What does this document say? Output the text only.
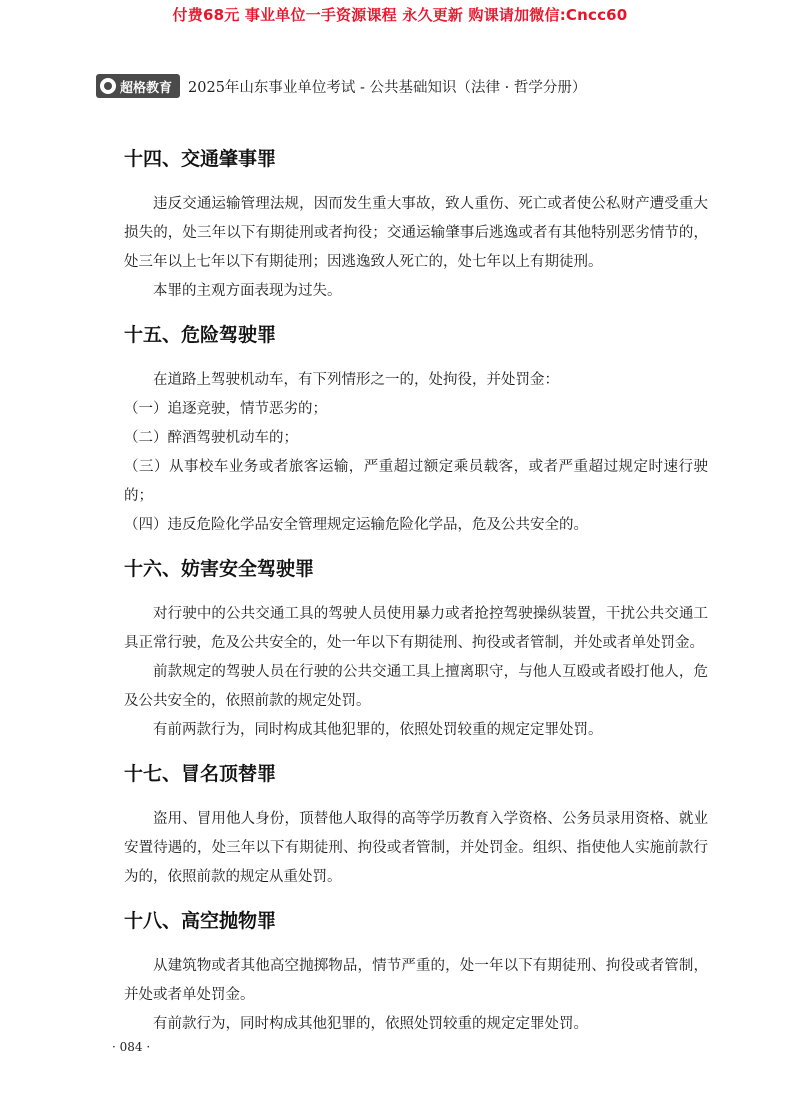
付费68元 事业单位一手资源课程 永久更新 购课请加微信:Cncc60
超格教育 2025年山东事业单位考试 - 公共基础知识（法律 · 哲学分册）
十四、交通肇事罪

违反交通运输管理法规，因而发生重大事故，致人重伤、死亡或者使公私财产遭受重大损失的，处三年以下有期徒刑或者拘役；交通运输肇事后逃逸或者有其他特别恶劣情节的，处三年以上七年以下有期徒刑；因逃逸致人死亡的，处七年以上有期徒刑。

本罪的主观方面表现为过失。

十五、危险驾驶罪

在道路上驾驶机动车，有下列情形之一的，处拘役，并处罚金：

（一）追逐竞驶，情节恶劣的；

（二）醉酒驾驶机动车的；

（三）从事校车业务或者旅客运输，严重超过额定乘员载客，或者严重超过规定时速行驶的；

（四）违反危险化学品安全管理规定运输危险化学品，危及公共安全的。

十六、妨害安全驾驶罪

对行驶中的公共交通工具的驾驶人员使用暴力或者抢控驾驶操纵装置，干扰公共交通工具正常行驶，危及公共安全的，处一年以下有期徒刑、拘役或者管制，并处或者单处罚金。

前款规定的驾驶人员在行驶的公共交通工具上擅离职守，与他人互殴或者殴打他人，危及公共安全的，依照前款的规定处罚。

有前两款行为，同时构成其他犯罪的，依照处罚较重的规定定罪处罚。

十七、冒名顶替罪

盗用、冒用他人身份，顶替他人取得的高等学历教育入学资格、公务员录用资格、就业安置待遇的，处三年以下有期徒刑、拘役或者管制，并处罚金。组织、指使他人实施前款行为的，依照前款的规定从重处罚。

十八、高空抛物罪

从建筑物或者其他高空抛掷物品，情节严重的，处一年以下有期徒刑、拘役或者管制，并处或者单处罚金。

有前款行为，同时构成其他犯罪的，依照处罚较重的规定定罪处罚。

· 084 ·
